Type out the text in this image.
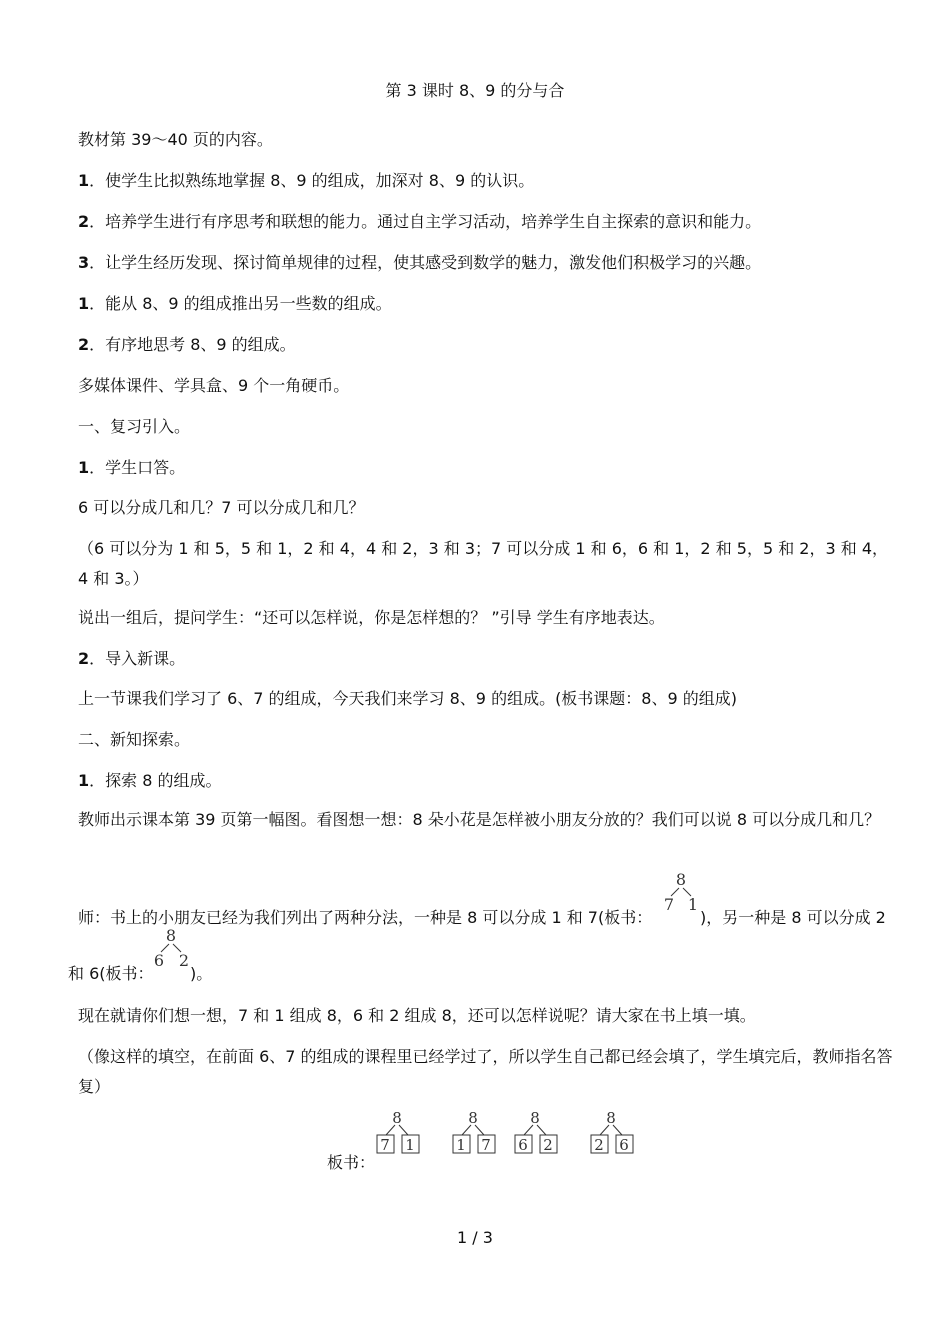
第 3 课时 8、9 的分与合
教材第 39～40 页的内容。
1．使学生比拟熟练地掌握 8、9 的组成，加深对 8、9 的认识。
2．培养学生进行有序思考和联想的能力。通过自主学习活动，培养学生自主探索的意识和能力。
3．让学生经历发现、探讨简单规律的过程，使其感受到数学的魅力，激发他们积极学习的兴趣。
1．能从 8、9 的组成推出另一些数的组成。
2．有序地思考 8、9 的组成。
多媒体课件、学具盒、9 个一角硬币。
一、复习引入。
1．学生口答。
6 可以分成几和几？7 可以分成几和几？
（6 可以分为 1 和 5，5 和 1，2 和 4，4 和 2，3 和 3；7 可以分成 1 和 6，6 和 1，2 和 5，5 和 2，3 和 4，4 和 3。）
说出一组后，提问学生：“还可以怎样说，你是怎样想的？ ”引导 学生有序地表达。
2．导入新课。
上一节课我们学习了 6、7 的组成，今天我们来学习 8、9 的组成。(板书课题：8、9 的组成)
二、新知探索。
1．探索 8 的组成。
教师出示课本第 39 页第一幅图。看图想一想：8 朵小花是怎样被小朋友分放的？我们可以说 8 可以分成几和几？
师：书上的小朋友已经为我们列出了两种分法，一种是 8 可以分成 1 和 7(板书：
8
7 1
)，另一种是 8 可以分成 2
和 6(板书：
8
6 2
)。
现在就请你们想一想，7 和 1 组成 8，6 和 2 组成 8，还可以怎样说呢？请大家在书上填一填。
（像这样的填空，在前面 6、7 的组成的课程里已经学过了，所以学生自己都已经会填了，学生填完后，教师指名答复）
板书：
8
7 1
8
1 7
8
6 2
8
2 6
1 / 3
